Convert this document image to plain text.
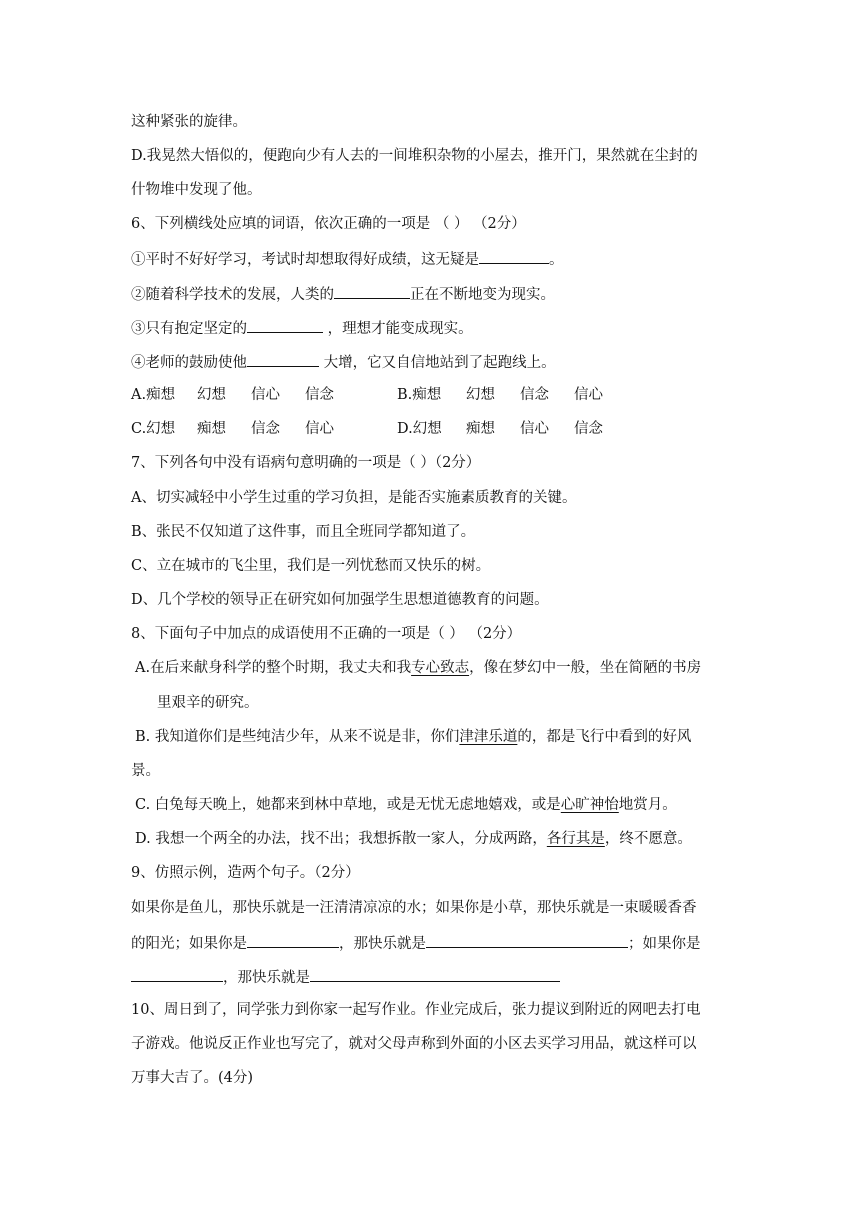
这种紧张的旋律。
D.我晃然大悟似的，便跑向少有人去的一间堆积杂物的小屋去，推开门，果然就在尘封的
什物堆中发现了他。
6、下列横线处应填的词语，依次正确的一项是 （ ） （2分）
①平时不好好学习，考试时却想取得好成绩，这无疑是	。
②随着科学技术的发展，人类的	正在不断地变为现实。
③只有抱定坚定的	，理想才能变成现实。
④老师的鼓励使他	大增，它又自信地站到了起跑线上。
A.痴想 幻想 信心 信念	B.痴想 幻想 信念 信心
C.幻想 痴想 信念 信心	D.幻想 痴想 信心 信念
7、下列各句中没有语病句意明确的一项是（ ）（2分）
A、切实减轻中小学生过重的学习负担，是能否实施素质教育的关键。
B、张民不仅知道了这件事，而且全班同学都知道了。
C、立在城市的飞尘里，我们是一列忧愁而又快乐的树。
D、几个学校的领导正在研究如何加强学生思想道德教育的问题。
8、下面句子中加点的成语使用不正确的一项是（ ） （2分）
A.在后来献身科学的整个时期，我丈夫和我专心致志，像在梦幻中一般，坐在简陋的书房
里艰辛的研究。
B. 我知道你们是些纯洁少年，从来不说是非，你们津津乐道的，都是飞行中看到的好风
景。
C. 白兔每天晚上，她都来到林中草地，或是无忧无虑地嬉戏，或是心旷神怡地赏月。
D. 我想一个两全的办法，找不出；我想拆散一家人，分成两路，各行其是，终不愿意。
9、仿照示例，造两个句子。（2分）
如果你是鱼儿，那快乐就是一汪清清凉凉的水；如果你是小草，那快乐就是一束暖暖香香
的阳光；如果你是	，那快乐就是	；如果你是
，那快乐就是
10、周日到了，同学张力到你家一起写作业。作业完成后，张力提议到附近的网吧去打电
子游戏。他说反正作业也写完了，就对父母声称到外面的小区去买学习用品，就这样可以
万事大吉了。(4分)
